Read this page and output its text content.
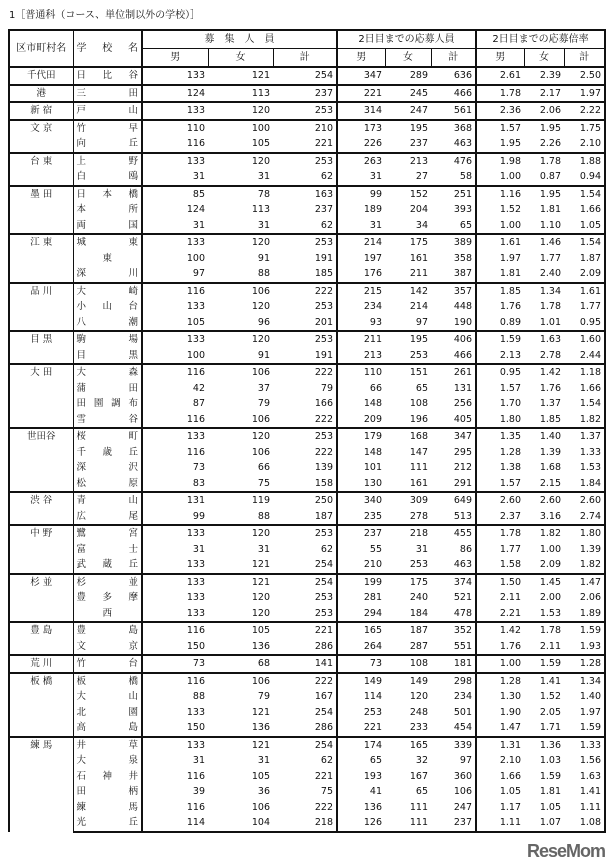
1［普通科（コース、単位制以外の学校）］
区市町村名	学 校 名	募　集　人　員			2日目までの応募人員			2日目までの応募倍率		
		男	女	計	男	女	計	男	女	計
千代田	日比谷	133	121	254	347	289	636	2.61	2.39	2.50
港	三田	124	113	237	221	245	466	1.78	2.17	1.97
新 宿	戸山	133	120	253	314	247	561	2.36	2.06	2.22
文 京	竹早	110	100	210	173	195	368	1.57	1.95	1.75
	向丘	116	105	221	226	237	463	1.95	2.26	2.10
台 東	上野	133	120	253	263	213	476	1.98	1.78	1.88
	白鴎	31	31	62	31	27	58	1.00	0.87	0.94
墨 田	日本橋	85	78	163	99	152	251	1.16	1.95	1.54
	本所	124	113	237	189	204	393	1.52	1.81	1.66
	両国	31	31	62	31	34	65	1.00	1.10	1.05
江 東	城東	133	120	253	214	175	389	1.61	1.46	1.54
	東	100	91	191	197	161	358	1.97	1.77	1.87
	深川	97	88	185	176	211	387	1.81	2.40	2.09
品 川	大崎	116	106	222	215	142	357	1.85	1.34	1.61
	小山台	133	120	253	234	214	448	1.76	1.78	1.77
	八潮	105	96	201	93	97	190	0.89	1.01	0.95
目 黒	駒場	133	120	253	211	195	406	1.59	1.63	1.60
	目黒	100	91	191	213	253	466	2.13	2.78	2.44
大 田	大森	116	106	222	110	151	261	0.95	1.42	1.18
	蒲田	42	37	79	66	65	131	1.57	1.76	1.66
	田園調布	87	79	166	148	108	256	1.70	1.37	1.54
	雪谷	116	106	222	209	196	405	1.80	1.85	1.82
世田谷	桜町	133	120	253	179	168	347	1.35	1.40	1.37
	千歳丘	116	106	222	148	147	295	1.28	1.39	1.33
	深沢	73	66	139	101	111	212	1.38	1.68	1.53
	松原	83	75	158	130	161	291	1.57	2.15	1.84
渋 谷	青山	131	119	250	340	309	649	2.60	2.60	2.60
	広尾	99	88	187	235	278	513	2.37	3.16	2.74
中 野	鷺宮	133	120	253	237	218	455	1.78	1.82	1.80
	富士	31	31	62	55	31	86	1.77	1.00	1.39
	武蔵丘	133	121	254	210	253	463	1.58	2.09	1.82
杉 並	杉並	133	121	254	199	175	374	1.50	1.45	1.47
	豊多摩	133	120	253	281	240	521	2.11	2.00	2.06
	西	133	120	253	294	184	478	2.21	1.53	1.89
豊 島	豊島	116	105	221	165	187	352	1.42	1.78	1.59
	文京	150	136	286	264	287	551	1.76	2.11	1.93
荒 川	竹台	73	68	141	73	108	181	1.00	1.59	1.28
板 橋	板橋	116	106	222	149	149	298	1.28	1.41	1.34
	大山	88	79	167	114	120	234	1.30	1.52	1.40
	北園	133	121	254	253	248	501	1.90	2.05	1.97
	高島	150	136	286	221	233	454	1.47	1.71	1.59
練 馬	井草	133	121	254	174	165	339	1.31	1.36	1.33
	大泉	31	31	62	65	32	97	2.10	1.03	1.56
	石神井	116	105	221	193	167	360	1.66	1.59	1.63
	田柄	39	36	75	41	65	106	1.05	1.81	1.41
	練馬	116	106	222	136	111	247	1.17	1.05	1.11
	光丘	114	104	218	126	111	237	1.11	1.07	1.08
ReseMom
